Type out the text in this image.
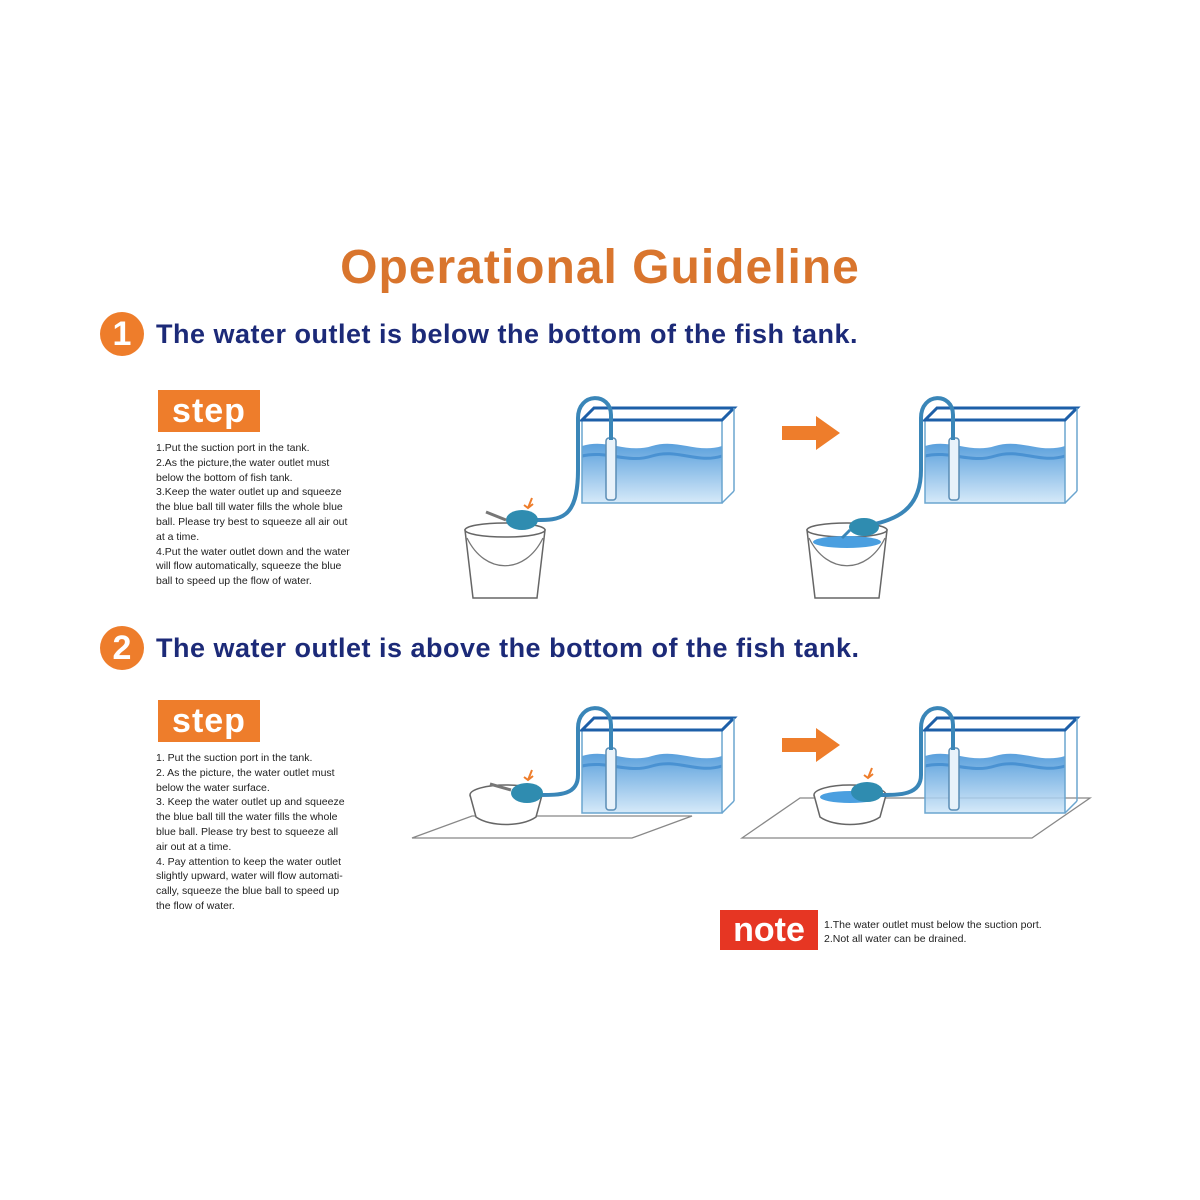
Operational Guideline
1 The water outlet is below the bottom of the fish tank.
step
1.Put the suction port in the tank.
2.As the picture,the water outlet must
below the bottom of fish tank.
3.Keep the water outlet up and squeeze
the blue ball till water fills the whole blue
ball. Please try best to squeeze all air out
at a time.
4.Put the water outlet down and the water
will flow automatically, squeeze the blue
ball to speed up the flow of water.
2 The water outlet is above the bottom of the fish tank.
step
1. Put the suction port in the tank.
2. As the picture, the water outlet must
below the water surface.
3. Keep the water outlet up and squeeze
the blue ball till the water fills the whole
blue ball. Please try best to squeeze all
air out at a time.
4. Pay attention to keep the water outlet
slightly upward, water will flow automati-
cally, squeeze the blue ball to speed up
the flow of water.
note	1.The water outlet must below the suction port.
2.Not all water can be drained.
